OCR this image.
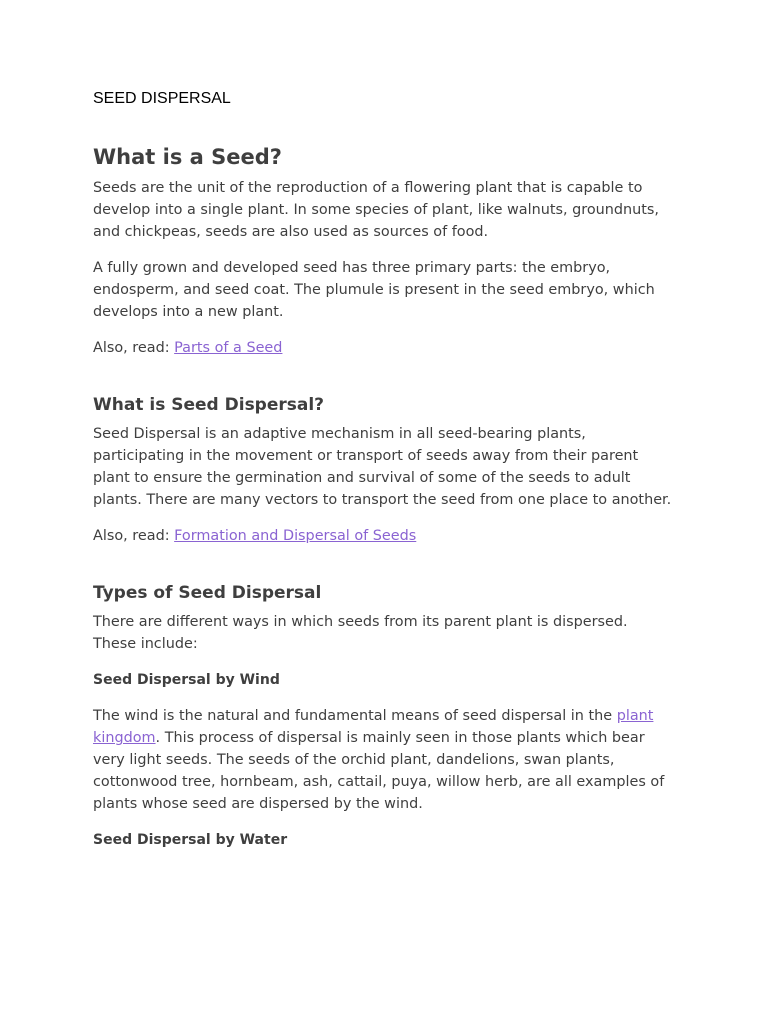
SEED DISPERSAL
What is a Seed?

Seeds are the unit of the reproduction of a flowering plant that is capable to develop into a single plant. In some species of plant, like walnuts, groundnuts, and chickpeas, seeds are also used as sources of food.

A fully grown and developed seed has three primary parts: the embryo, endosperm, and seed coat. The plumule is present in the seed embryo, which develops into a new plant.

Also, read: Parts of a Seed

What is Seed Dispersal?

Seed Dispersal is an adaptive mechanism in all seed-bearing plants, participating in the movement or transport of seeds away from their parent plant to ensure the germination and survival of some of the seeds to adult plants. There are many vectors to transport the seed from one place to another.

Also, read: Formation and Dispersal of Seeds

Types of Seed Dispersal

There are different ways in which seeds from its parent plant is dispersed. These include:

Seed Dispersal by Wind

The wind is the natural and fundamental means of seed dispersal in the plant kingdom. This process of dispersal is mainly seen in those plants which bear very light seeds. The seeds of the orchid plant, dandelions, swan plants, cottonwood tree, hornbeam, ash, cattail, puya, willow herb, are all examples of plants whose seed are dispersed by the wind.

Seed Dispersal by Water
